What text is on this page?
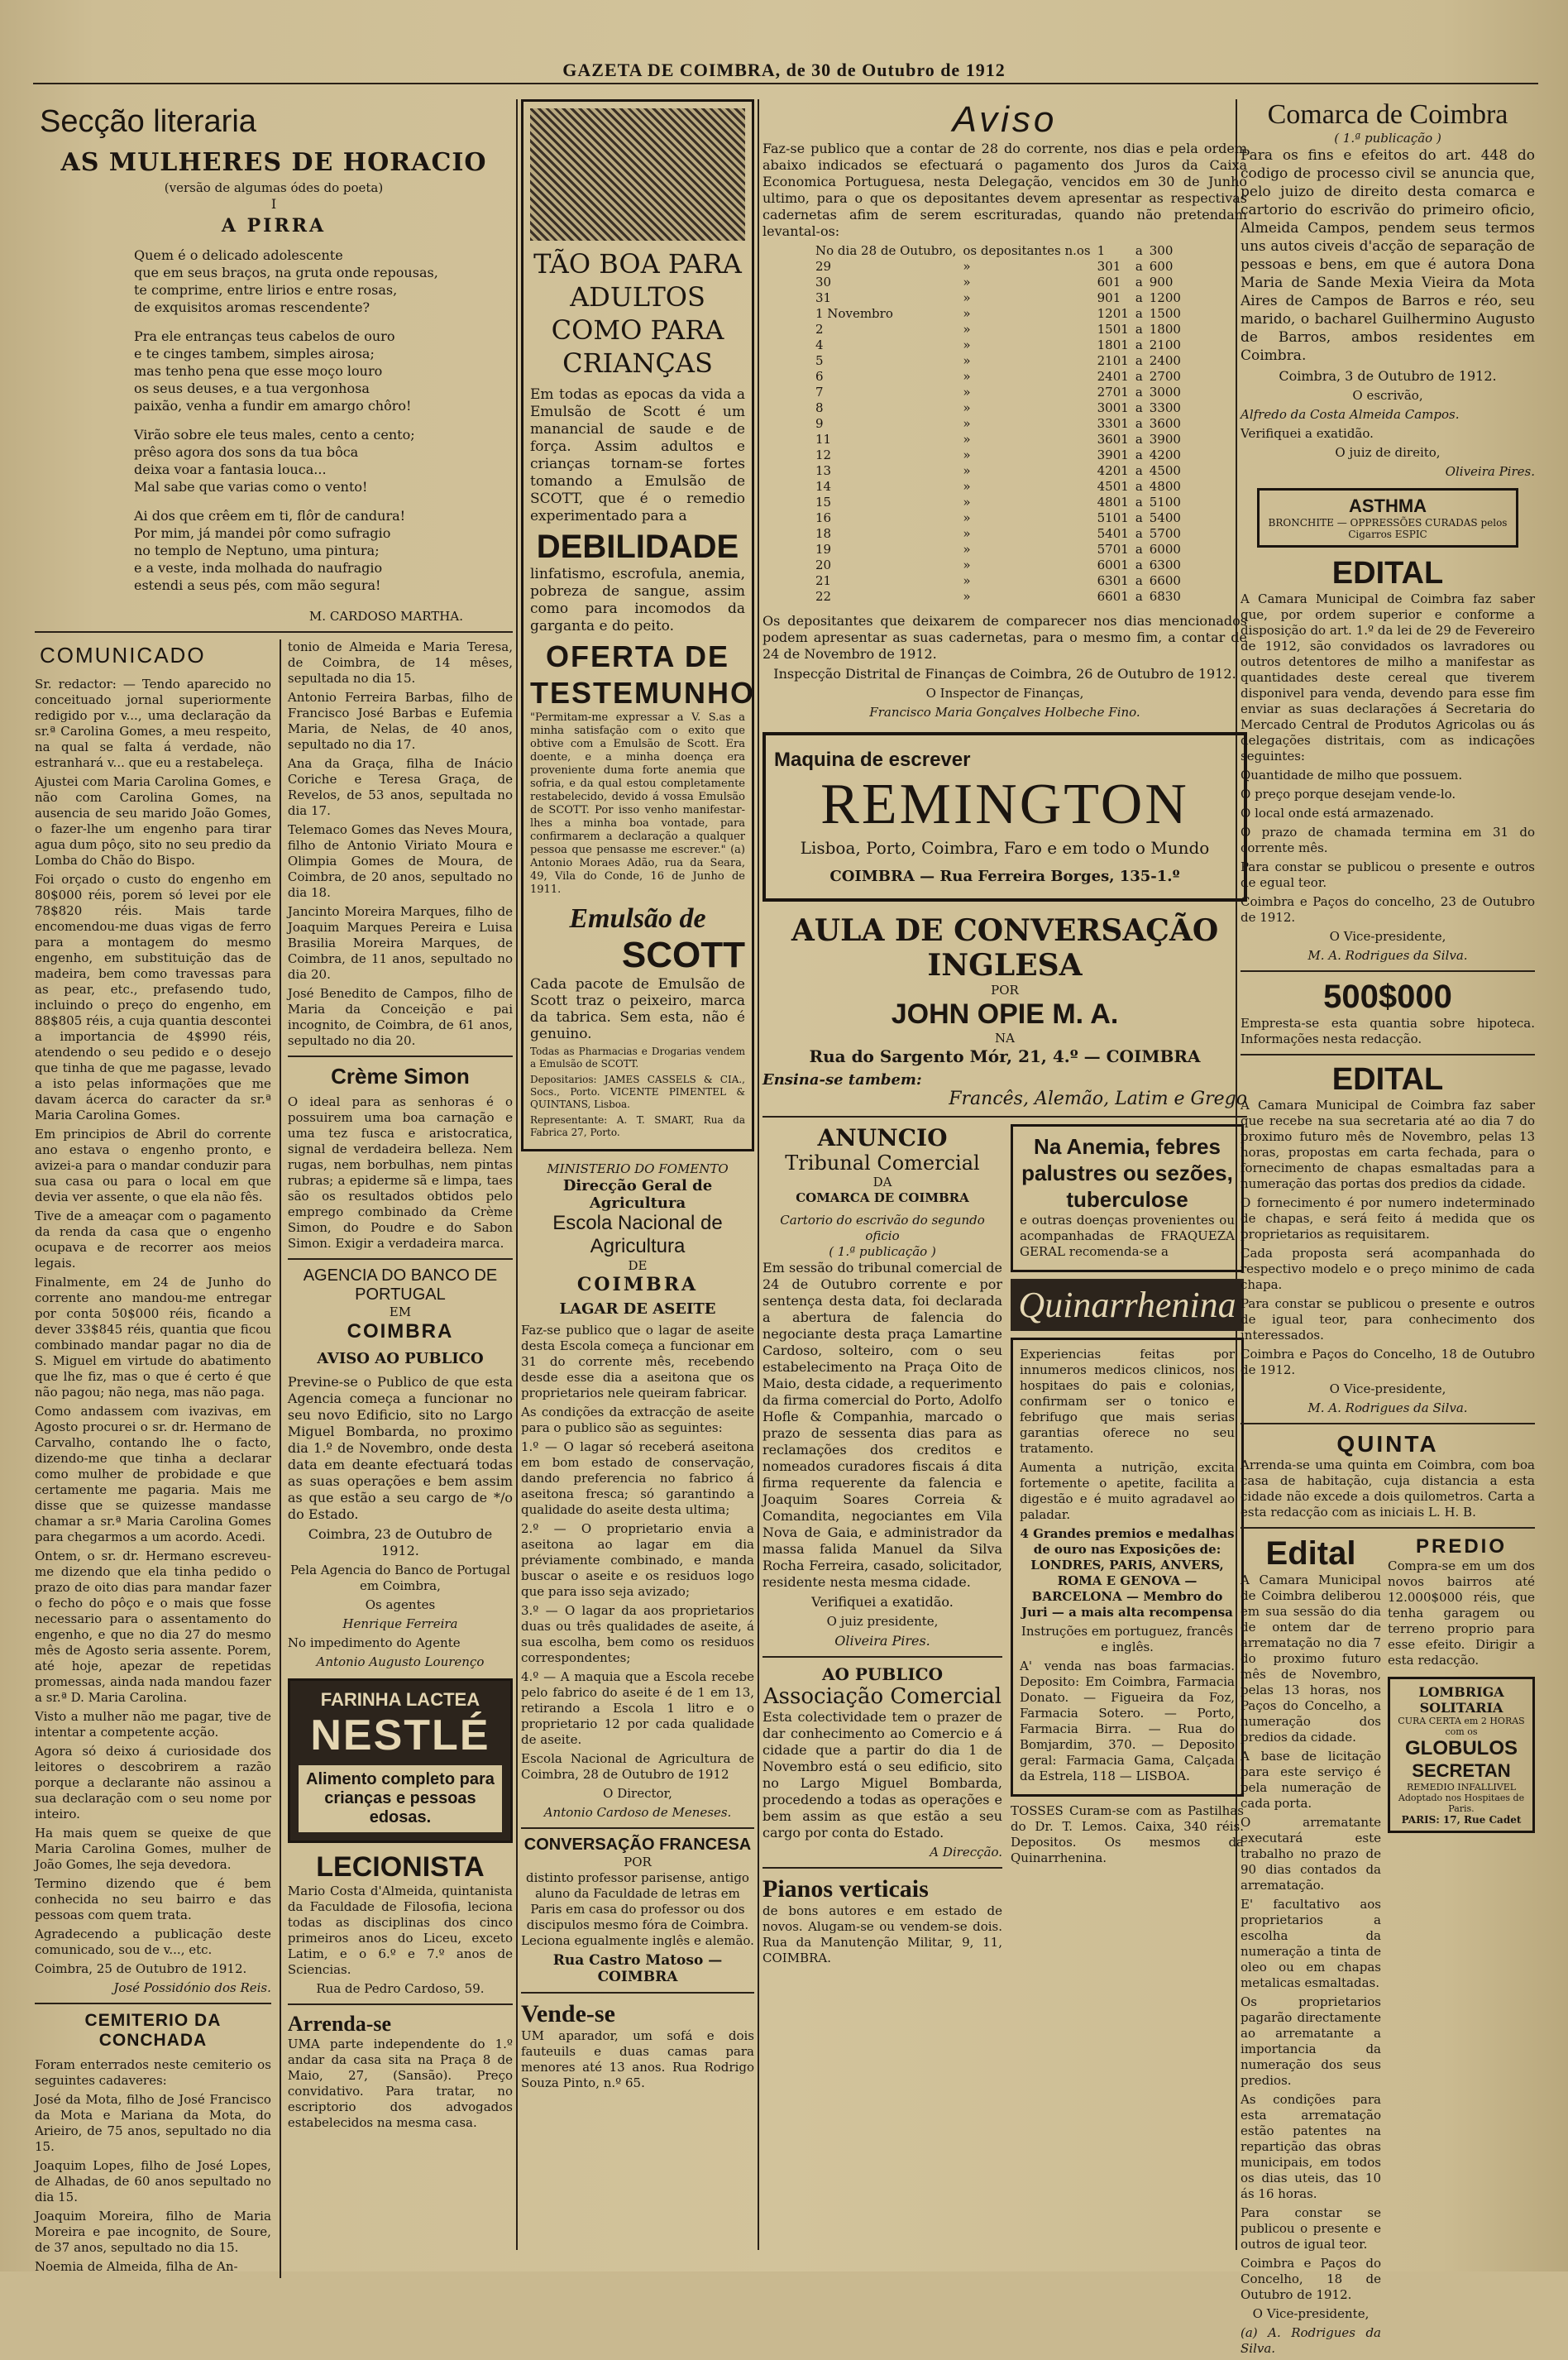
GAZETA DE COIMBRA, de 30 de Outubro de 1912
Secção literaria
AS MULHERES DE HORACIO
(versão de algumas ódes do poeta)
I
A PIRRA

Quem é o delicado adolescente

que em seus braços, na gruta onde repousas,

te comprime, entre lirios e entre rosas,

de exquisitos aromas rescendente?

Pra ele entranças teus cabelos de ouro

e te cinges tambem, simples airosa;

mas tenho pena que esse moço louro

os seus deuses, e a tua vergonhosa

paixão, venha a fundir em amargo chôro!

Virão sobre ele teus males, cento a cento;

prêso agora dos sons da tua bôca

deixa voar a fantasia louca...

Mal sabe que varias como o vento!

Ai dos que crêem em ti, flôr de candura!

Por mim, já mandei pôr como sufragio

no templo de Neptuno, uma pintura;

e a veste, inda molhada do naufragio

estendi a seus pés, com mão segura!

M. CARDOSO MARTHA.
COMUNICADO

Sr. redactor: — Tendo aparecido no conceituado jornal superiormente redigido por v..., uma declaração da sr.ª Carolina Gomes, a meu respeito, na qual se falta á verdade, não estranhará v... que eu a restabeleça.

Ajustei com Maria Carolina Gomes, e não com Carolina Gomes, na ausencia de seu marido João Gomes, o fazer-lhe um engenho para tirar agua dum pôço, sito no seu predio da Lomba do Chão do Bispo.

Foi orçado o custo do engenho em 80$000 réis, porem só levei por ele 78$820 réis. Mais tarde encomendou-me duas vigas de ferro para a montagem do mesmo engenho, em substituição das de madeira, bem como travessas para as pear, etc., prefasendo tudo, incluindo o preço do engenho, em 88$805 réis, a cuja quantia descontei a importancia de 4$990 réis, atendendo o seu pedido e o desejo que tinha de que me pagasse, levado a isto pelas informações que me davam ácerca do caracter da sr.ª Maria Carolina Gomes.

Em principios de Abril do corrente ano estava o engenho pronto, e avizei-a para o mandar conduzir para sua casa ou para o local em que devia ver assente, o que ela não fês.

Tive de a ameaçar com o pagamento da renda da casa que o engenho ocupava e de recorrer aos meios legais.

Finalmente, em 24 de Junho do corrente ano mandou-me entregar por conta 50$000 réis, ficando a dever 33$845 réis, quantia que ficou combinado mandar pagar no dia de S. Miguel em virtude do abatimento que lhe fiz, mas o que é certo é que não pagou; não nega, mas não paga.

Como andassem com ivazivas, em Agosto procurei o sr. dr. Hermano de Carvalho, contando lhe o facto, dizendo-me que tinha a declarar como mulher de probidade e que certamente me pagaria. Mais me disse que se quizesse mandasse chamar a sr.ª Maria Carolina Gomes para chegarmos a um acordo. Acedi.

Ontem, o sr. dr. Hermano escreveu-me dizendo que ela tinha pedido o prazo de oito dias para mandar fazer o fecho do pôço e o mais que fosse necessario para o assentamento do engenho, e que no dia 27 do mesmo mês de Agosto seria assente. Porem, até hoje, apezar de repetidas promessas, ainda nada mandou fazer a sr.ª D. Maria Carolina.

Visto a mulher não me pagar, tive de intentar a competente acção.

Agora só deixo á curiosidade dos leitores o descobrirem a razão porque a declarante não assinou a sua declaração com o seu nome por inteiro.

Ha mais quem se queixe de que Maria Carolina Gomes, mulher de João Gomes, lhe seja devedora.

Termino dizendo que é bem conhecida no seu bairro e das pessoas com quem trata.

Agradecendo a publicação deste comunicado, sou de v..., etc.

Coimbra, 25 de Outubro de 1912.

José Possidónio dos Reis.
CEMITERIO DA CONCHADA

Foram enterrados neste cemiterio os seguintes cadaveres:

José da Mota, filho de José Francisco da Mota e Mariana da Mota, do Arieiro, de 75 anos, sepultado no dia 15.

Joaquim Lopes, filho de José Lopes, de Alhadas, de 60 anos sepultado no dia 15.

Joaquim Moreira, filho de Maria Moreira e pae incognito, de Soure, de 37 anos, sepultado no dia 15.

Noemia de Almeida, filha de An-

tonio de Almeida e Maria Teresa, de Coimbra, de 14 mêses, sepultada no dia 15.

Antonio Ferreira Barbas, filho de Francisco José Barbas e Eufemia Maria, de Nelas, de 40 anos, sepultado no dia 17.

Ana da Graça, filha de Inácio Coriche e Teresa Graça, de Revelos, de 53 anos, sepultada no dia 17.

Telemaco Gomes das Neves Moura, filho de Antonio Viriato Moura e Olimpia Gomes de Moura, de Coimbra, de 20 anos, sepultado no dia 18.

Jancinto Moreira Marques, filho de Joaquim Marques Pereira e Luisa Brasilia Moreira Marques, de Coimbra, de 11 anos, sepultado no dia 20.

José Benedito de Campos, filho de Maria da Conceição e pai incognito, de Coimbra, de 61 anos, sepultado no dia 20.

Crème Simon

O ideal para as senhoras é o possuirem uma boa carnação e uma tez fusca e aristocratica, signal de verdadeira belleza. Nem rugas, nem borbulhas, nem pintas rubras; a epiderme sã e limpa, taes são os resultados obtidos pelo emprego combinado da Crème Simon, do Poudre e do Sabon Simon. Exigir a verdadeira marca.

AGENCIA DO BANCO DE PORTUGAL
EM
COIMBRA
AVISO AO PUBLICO

Previne-se o Publico de que esta Agencia começa a funcionar no seu novo Edificio, sito no Largo Miguel Bombarda, no proximo dia 1.º de Novembro, onde desta data em deante efectuará todas as suas operações e bem assim as que estão a seu cargo de */o do Estado.

Coimbra, 23 de Outubro de 1912.

Pela Agencia do Banco de Portugal em Coimbra,

Os agentes

Henrique Ferreira

No impedimento do Agente

Antonio Augusto Lourenço

FARINHA LACTEA
NESTLÉ
Alimento completo para crianças e pessoas edosas.
LECIONISTA

Mario Costa d'Almeida, quintanista da Faculdade de Filosofia, leciona todas as disciplinas dos cinco primeiros anos do Liceu, exceto Latim, e o 6.º e 7.º anos de Sciencias.

Rua de Pedro Cardoso, 59.

Arrenda-se

UMA parte independente do 1.º andar da casa sita na Praça 8 de Maio, 27, (Sansão). Preço convidativo. Para tratar, no escriptorio dos advogados estabelecidos na mesma casa.

TÃO BOA PARA ADULTOS COMO PARA CRIANÇAS

Em todas as epocas da vida a Emulsão de Scott é um manancial de saude e de força. Assim adultos e crianças tornam-se fortes tomando a Emulsão de SCOTT, que é o remedio experimentado para a

DEBILIDADE

linfatismo, escrofula, anemia, pobreza de sangue, assim como para incomodos da garganta e do peito.

OFERTA DE TESTEMUNHO

"Permitam-me expressar a V. S.as a minha satisfação com o exito que obtive com a Emulsão de Scott. Era doente, e a minha doença era proveniente duma forte anemia que sofria, e da qual estou completamente restabelecido, devido á vossa Emulsão de SCOTT. Por isso venho manifestar-lhes a minha boa vontade, para confirmarem a declaração a qualquer pessoa que pensasse me escrever." (a) Antonio Moraes Adão, rua da Seara, 49, Vila do Conde, 16 de Junho de 1911.

Emulsão de
SCOTT

Cada pacote de Emulsão de Scott traz o peixeiro, marca da tabrica. Sem esta, não é genuino.

Todas as Pharmacias e Drogarias vendem a Emulsão de SCOTT.

Depositarios: JAMES CASSELS & CIA., Socs., Porto. VICENTE PIMENTEL & QUINTANS, Lisboa.

Representante: A. T. SMART, Rua da Fabrica 27, Porto.

MINISTERIO DO FOMENTO
Direcção Geral de Agricultura
Escola Nacional de Agricultura
DE
COIMBRA
LAGAR DE ASEITE

Faz-se publico que o lagar de aseite desta Escola começa a funcionar em 31 do corrente mês, recebendo desde esse dia a aseitona que os proprietarios nele queiram fabricar.

As condições da extracção de aseite para o publico são as seguintes:

1.º — O lagar só receberá aseitona em bom estado de conservação, dando preferencia no fabrico á aseitona fresca; só garantindo a qualidade do aseite desta ultima;

2.º — O proprietario envia a aseitona ao lagar em dia préviamente combinado, e manda buscar o aseite e os residuos logo que para isso seja avizado;

3.º — O lagar da aos proprietarios duas ou três qualidades de aseite, á sua escolha, bem como os residuos correspondentes;

4.º — A maquia que a Escola recebe pelo fabrico do aseite é de 1 em 13, retirando a Escola 1 litro e o proprietario 12 por cada qualidade de aseite.

Escola Nacional de Agricultura de Coimbra, 28 de Outubro de 1912

O Director,

Antonio Cardoso de Meneses.

CONVERSAÇÃO FRANCESA
POR

distinto professor parisense, antigo aluno da Faculdade de letras em Paris em casa do professor ou dos discipulos mesmo fóra de Coimbra. Leciona egualmente inglês e alemão.

Rua Castro Matoso — COIMBRA
Vende-se

UM aparador, um sofá e dois fauteuils e duas camas para menores até 13 anos. Rua Rodrigo Souza Pinto, n.º 65.

Aviso

Faz-se publico que a contar de 28 do corrente, nos dias e pela ordem abaixo indicados se efectuará o pagamento dos Juros da Caixa Economica Portuguesa, nesta Delegação, vencidos em 30 de Junho ultimo, para o que os depositantes devem apresentar as respectivas cadernetas afim de serem escrituradas, quando não pretendam levantal-os:

No dia 28 de Outubro,	os depositantes n.os	1	a	300
29	»	301	a	600
30	»	601	a	900
31	»	901	a	1200
1 Novembro	»	1201	a	1500
2	»	1501	a	1800
4	»	1801	a	2100
5	»	2101	a	2400
6	»	2401	a	2700
7	»	2701	a	3000
8	»	3001	a	3300
9	»	3301	a	3600
11	»	3601	a	3900
12	»	3901	a	4200
13	»	4201	a	4500
14	»	4501	a	4800
15	»	4801	a	5100
16	»	5101	a	5400
18	»	5401	a	5700
19	»	5701	a	6000
20	»	6001	a	6300
21	»	6301	a	6600
22	»	6601	a	6830

Os depositantes que deixarem de comparecer nos dias mencionados podem apresentar as suas cadernetas, para o mesmo fim, a contar de 24 de Novembro de 1912.

Inspecção Distrital de Finanças de Coimbra, 26 de Outubro de 1912.

O Inspector de Finanças,

Francisco Maria Gonçalves Holbeche Fino.

Maquina de escrever
REMINGTON
Lisboa, Porto, Coimbra, Faro e em todo o Mundo
COIMBRA — Rua Ferreira Borges, 135-1.º
AULA DE CONVERSAÇÃO INGLESA
POR
JOHN OPIE M. A.
NA
Rua do Sargento Mór, 21, 4.º — COIMBRA
Ensina-se tambem:
Francês, Alemão, Latim e Grego
ANUNCIO
Tribunal Comercial
DA
COMARCA DE COIMBRA
Cartorio do escrivão do segundo oficio
( 1.ª publicação )

Em sessão do tribunal comercial de 24 de Outubro corrente e por sentença desta data, foi declarada a abertura de falencia do negociante desta praça Lamartine Cardoso, solteiro, com o seu estabelecimento na Praça Oito de Maio, desta cidade, a requerimento da firma comercial do Porto, Adolfo Hofle & Companhia, marcado o prazo de sessenta dias para as reclamações dos creditos e nomeados curadores fiscais á dita firma requerente da falencia e Joaquim Soares Correia & Comandita, negociantes em Vila Nova de Gaia, e administrador da massa falida Manuel da Silva Rocha Ferreira, casado, solicitador, residente nesta mesma cidade.

Verifiquei a exatidão.

O juiz presidente,

Oliveira Pires.

AO PUBLICO
Associação Comercial

Esta colectividade tem o prazer de dar conhecimento ao Comercio e á cidade que a partir do dia 1 de Novembro está o seu edificio, sito no Largo Miguel Bombarda, procedendo a todas as operações e bem assim as que estão a seu cargo por conta do Estado.

A Direcção.

Pianos verticais

de bons autores e em estado de novos. Alugam-se ou vendem-se dois. Rua da Manutenção Militar, 9, 11, COIMBRA.

Na Anemia, febres palustres ou sezões, tuberculose

e outras doenças provenientes ou acompanhadas de FRAQUEZA GERAL recomenda-se a

Quinarrhenina

Experiencias feitas por innumeros medicos clinicos, nos hospitaes do pais e colonias, confirmam ser o tonico e febrifugo que mais serias garantias oferece no seu tratamento.

Aumenta a nutrição, excita fortemente o apetite, facilita a digestão e é muito agradavel ao paladar.

4 Grandes premios e medalhas de ouro nas Exposições de: LONDRES, PARIS, ANVERS, ROMA E GENOVA — BARCELONA — Membro do Juri — a mais alta recompensa

Instruções em portuguez, francês e inglês.

A' venda nas boas farmacias. Deposito: Em Coimbra, Farmacia Donato. — Figueira da Foz, Farmacia Sotero. — Porto, Farmacia Birra. — Rua do Bomjardim, 370. — Deposito geral: Farmacia Gama, Calçada da Estrela, 118 — LISBOA.

TOSSES Curam-se com as Pastilhas do Dr. T. Lemos. Caixa, 340 réis. Depositos. Os mesmos da Quinarrhenina.

Comarca de Coimbra
( 1.ª publicação )

Para os fins e efeitos do art. 448 do codigo de processo civil se anuncia que, pelo juizo de direito desta comarca e cartorio do escrivão do primeiro oficio, Almeida Campos, pendem seus termos uns autos civeis d'acção de separação de pessoas e bens, em que é autora Dona Maria de Sande Mexia Vieira da Mota Aires de Campos de Barros e réo, seu marido, o bacharel Guilhermino Augusto de Barros, ambos residentes em Coimbra.

Coimbra, 3 de Outubro de 1912.

O escrivão,

Alfredo da Costa Almeida Campos.

Verifiquei a exatidão.

O juiz de direito,

Oliveira Pires.

ASTHMA
BRONCHITE — OPPRESSÕES CURADAS pelos Cigarros ESPIC
EDITAL

A Camara Municipal de Coimbra faz saber que, por ordem superior e conforme a disposição do art. 1.º da lei de 29 de Fevereiro de 1912, são convidados os lavradores ou outros detentores de milho a manifestar as quantidades deste cereal que tiverem disponivel para venda, devendo para esse fim enviar as suas declarações á Secretaria do Mercado Central de Produtos Agricolas ou ás delegações distritais, com as indicações seguintes:

Quantidade de milho que possuem.

O preço porque desejam vende-lo.

O local onde está armazenado.

O prazo de chamada termina em 31 do corrente mês.

Para constar se publicou o presente e outros de egual teor.

Coimbra e Paços do concelho, 23 de Outubro de 1912.

O Vice-presidente,

M. A. Rodrigues da Silva.

500$000

Empresta-se esta quantia sobre hipoteca. Informações nesta redacção.

EDITAL

A Camara Municipal de Coimbra faz saber que recebe na sua secretaria até ao dia 7 do proximo futuro mês de Novembro, pelas 13 horas, propostas em carta fechada, para o fornecimento de chapas esmaltadas para a numeração das portas dos predios da cidade.

O fornecimento é por numero indeterminado de chapas, e será feito á medida que os proprietarios as requisitarem.

Cada proposta será acompanhada do respectivo modelo e o preço minimo de cada chapa.

Para constar se publicou o presente e outros de igual teor, para conhecimento dos interessados.

Coimbra e Paços do Concelho, 18 de Outubro de 1912.

O Vice-presidente,

M. A. Rodrigues da Silva.

QUINTA

Arrenda-se uma quinta em Coimbra, com boa casa de habitação, cuja distancia a esta cidade não excede a dois quilometros. Carta a esta redacção com as iniciais L. H. B.

Edital

A Camara Municipal de Coimbra deliberou em sua sessão do dia de ontem dar de arrematação no dia 7 do proximo futuro mês de Novembro, pelas 13 horas, nos Paços do Concelho, a numeração dos predios da cidade.

A base de licitação para este serviço é pela numeração de cada porta.

O arrematante executará este trabalho no prazo de 90 dias contados da arrematação.

E' facultativo aos proprietarios a escolha da numeração a tinta de oleo ou em chapas metalicas esmaltadas.

Os proprietarios pagarão directamente ao arrematante a importancia da numeração dos seus predios.

As condições para esta arrematação estão patentes na repartição das obras municipais, em todos os dias uteis, das 10 ás 16 horas.

Para constar se publicou o presente e outros de igual teor.

Coimbra e Paços do Concelho, 18 de Outubro de 1912.

O Vice-presidente,

(a) A. Rodrigues da Silva.

PREDIO

Compra-se em um dos novos bairros até 12.000$000 réis, que tenha garagem ou terreno proprio para esse efeito. Dirigir a esta redacção.

LOMBRIGA SOLITARIA
CURA CERTA em 2 HORAS com os
GLOBULOS
SECRETAN
REMEDIO INFALLIVEL Adoptado nos Hospitaes de Paris.
PARIS: 17, Rue Cadet
